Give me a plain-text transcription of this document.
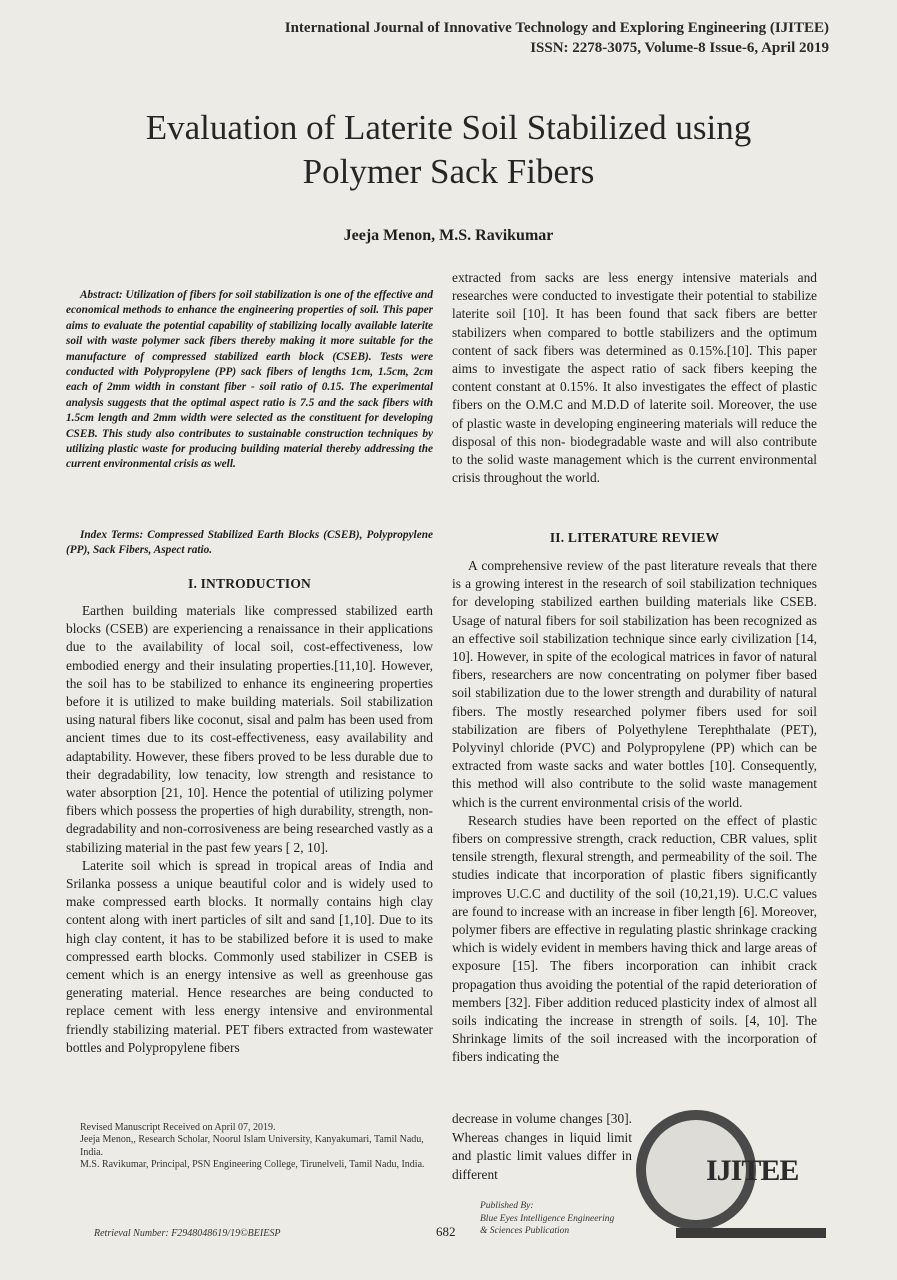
International Journal of Innovative Technology and Exploring Engineering (IJITEE)
ISSN: 2278-3075, Volume-8 Issue-6, April 2019
Evaluation of Laterite Soil Stabilized using
Polymer Sack Fibers
Jeeja Menon, M.S. Ravikumar

Abstract: Utilization of fibers for soil stabilization is one of the effective and economical methods to enhance the engineering properties of soil. This paper aims to evaluate the potential capability of stabilizing locally available laterite soil with waste polymer sack fibers thereby making it more suitable for the manufacture of compressed stabilized earth block (CSEB). Tests were conducted with Polypropylene (PP) sack fibers of lengths 1cm, 1.5cm, 2cm each of 2mm width in constant fiber - soil ratio of 0.15. The experimental analysis suggests that the optimal aspect ratio is 7.5 and the sack fibers with 1.5cm length and 2mm width were selected as the constituent for developing CSEB. This study also contributes to sustainable construction techniques by utilizing plastic waste for producing building material thereby addressing the current environmental crisis as well.

Index Terms: Compressed Stabilized Earth Blocks (CSEB), Polypropylene (PP), Sack Fibers, Aspect ratio.

I. INTRODUCTION

Earthen building materials like compressed stabilized earth blocks (CSEB) are experiencing a renaissance in their applications due to the availability of local soil, cost-effectiveness, low embodied energy and their insulating properties.[11,10]. However, the soil has to be stabilized to enhance its engineering properties before it is utilized to make building materials. Soil stabilization using natural fibers like coconut, sisal and palm has been used from ancient times due to its cost-effectiveness, easy availability and adaptability. However, these fibers proved to be less durable due to their degradability, low tenacity, low strength and resistance to water absorption [21, 10]. Hence the potential of utilizing polymer fibers which possess the properties of high durability, strength, non-degradability and non-corrosiveness are being researched vastly as a stabilizing material in the past few years [ 2, 10].

Laterite soil which is spread in tropical areas of India and Srilanka possess a unique beautiful color and is widely used to make compressed earth blocks. It normally contains high clay content along with inert particles of silt and sand [1,10]. Due to its high clay content, it has to be stabilized before it is used to make compressed earth blocks. Commonly used stabilizer in CSEB is cement which is an energy intensive as well as greenhouse gas generating material. Hence researches are being conducted to replace cement with less energy intensive and environmental friendly stabilizing material. PET fibers extracted from wastewater bottles and Polypropylene fibers

extracted from sacks are less energy intensive materials and researches were conducted to investigate their potential to stabilize laterite soil [10]. It has been found that sack fibers are better stabilizers when compared to bottle stabilizers and the optimum content of sack fibers was determined as 0.15%.[10]. This paper aims to investigate the aspect ratio of sack fibers keeping the content constant at 0.15%. It also investigates the effect of plastic fibers on the O.M.C and M.D.D of laterite soil. Moreover, the use of plastic waste in developing engineering materials will reduce the disposal of this non- biodegradable waste and will also contribute to the solid waste management which is the current environmental crisis throughout the world.

II. LITERATURE REVIEW

A comprehensive review of the past literature reveals that there is a growing interest in the research of soil stabilization techniques for developing stabilized earthen building materials like CSEB. Usage of natural fibers for soil stabilization has been recognized as an effective soil stabilization technique since early civilization [14, 10]. However, in spite of the ecological matrices in favor of natural fibers, researchers are now concentrating on polymer fiber based soil stabilization due to the lower strength and durability of natural fibers. The mostly researched polymer fibers used for soil stabilization are fibers of Polyethylene Terephthalate (PET), Polyvinyl chloride (PVC) and Polypropylene (PP) which can be extracted from waste sacks and water bottles [10]. Consequently, this method will also contribute to the solid waste management which is the current environmental crisis of the world.

Research studies have been reported on the effect of plastic fibers on compressive strength, crack reduction, CBR values, split tensile strength, flexural strength, and permeability of the soil. The studies indicate that incorporation of plastic fibers significantly improves U.C.C and ductility of the soil (10,21,19). U.C.C values are found to increase with an increase in fiber length [6]. Moreover, polymer fibers are effective in regulating plastic shrinkage cracking which is widely evident in members having thick and large areas of exposure [15]. The fibers incorporation can inhibit crack propagation thus avoiding the potential of the rapid deterioration of members [32]. Fiber addition reduced plasticity index of almost all soils indicating the increase in strength of soils. [4, 10]. The Shrinkage limits of the soil increased with the incorporation of fibers indicating the

decrease in volume changes [30]. Whereas changes in liquid limit and plastic limit values differ in different

Revised Manuscript Received on April 07, 2019.

Jeeja Menon,, Research Scholar, Noorul Islam University, Kanyakumari, Tamil Nadu, India.

M.S. Ravikumar, Principal, PSN Engineering College, Tirunelveli, Tamil Nadu, India.

Retrieval Number: F2948048619/19©BEIESP	682
Published By:
Blue Eyes Intelligence Engineering
& Sciences Publication
IJITEE
